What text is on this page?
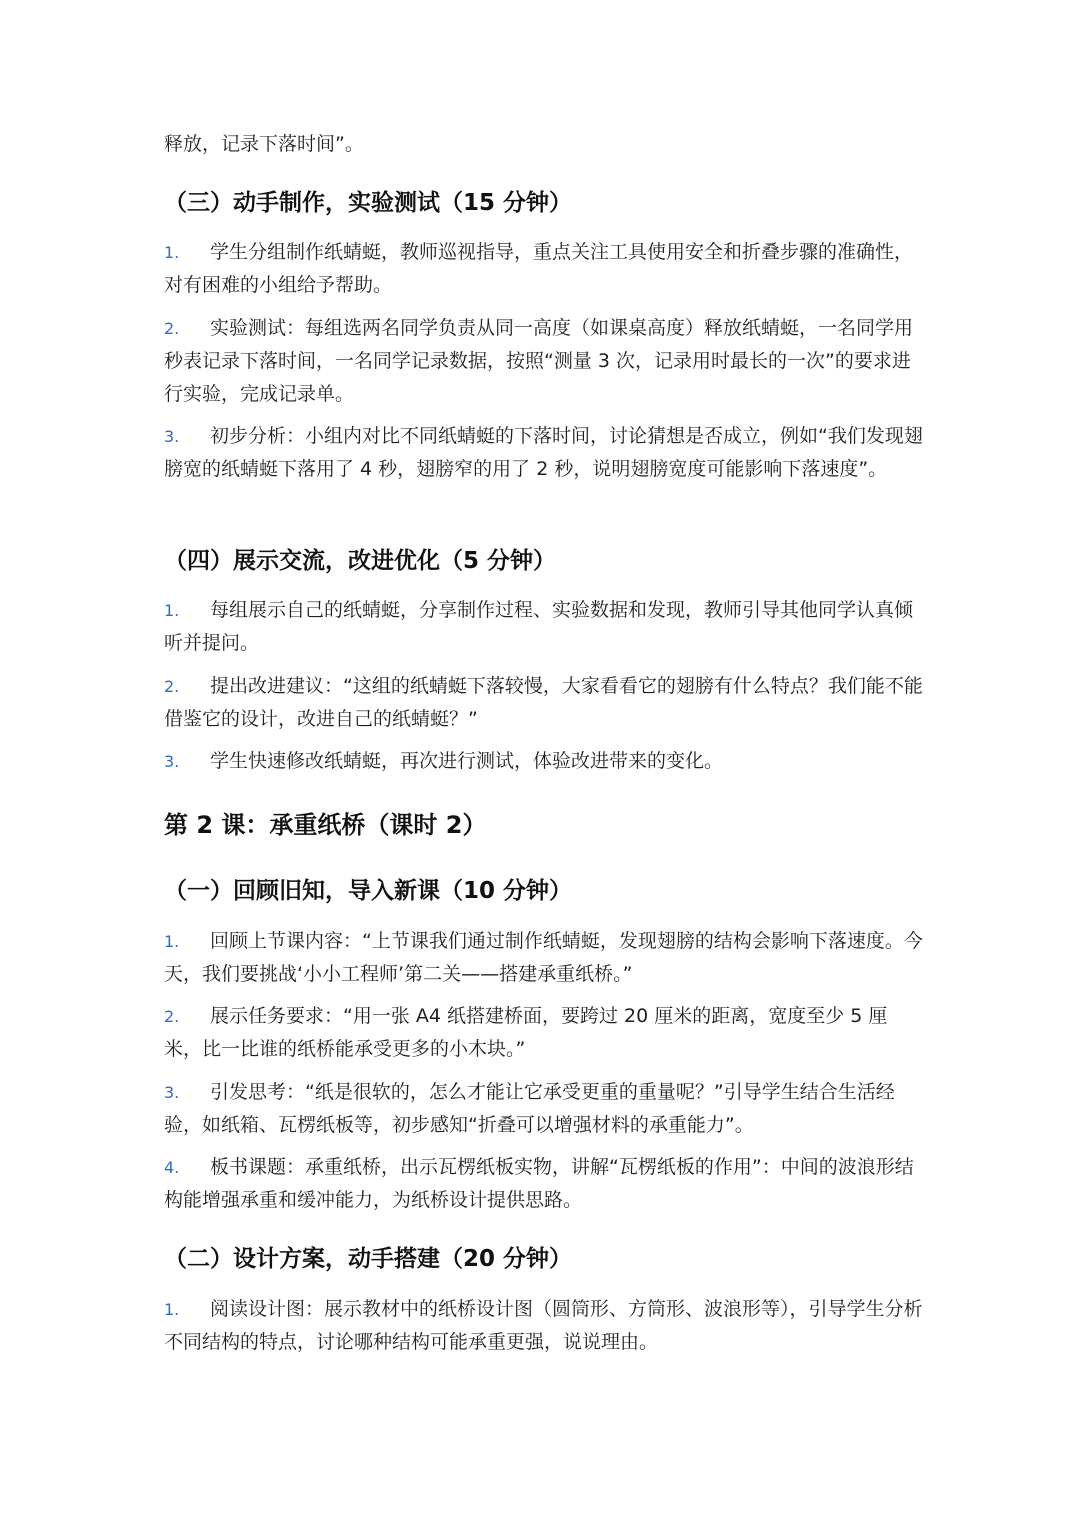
释放，记录下落时间”。

（三）动手制作，实验测试（15 分钟）

1. 学生分组制作纸蜻蜓，教师巡视指导，重点关注工具使用安全和折叠步骤的准确性，对有困难的小组给予帮助。

2. 实验测试：每组选两名同学负责从同一高度（如课桌高度）释放纸蜻蜓，一名同学用秒表记录下落时间，一名同学记录数据，按照“测量 3 次，记录用时最长的一次”的要求进行实验，完成记录单。

3. 初步分析：小组内对比不同纸蜻蜓的下落时间，讨论猜想是否成立，例如“我们发现翅膀宽的纸蜻蜓下落用了 4 秒，翅膀窄的用了 2 秒，说明翅膀宽度可能影响下落速度”。

（四）展示交流，改进优化（5 分钟）

1. 每组展示自己的纸蜻蜓，分享制作过程、实验数据和发现，教师引导其他同学认真倾听并提问。

2. 提出改进建议：“这组的纸蜻蜓下落较慢，大家看看它的翅膀有什么特点？我们能不能借鉴它的设计，改进自己的纸蜻蜓？”

3. 学生快速修改纸蜻蜓，再次进行测试，体验改进带来的变化。

第 2 课：承重纸桥（课时 2）
（一）回顾旧知，导入新课（10 分钟）

1. 回顾上节课内容：“上节课我们通过制作纸蜻蜓，发现翅膀的结构会影响下落速度。今天，我们要挑战‘小小工程师’第二关——搭建承重纸桥。”

2. 展示任务要求：“用一张 A4 纸搭建桥面，要跨过 20 厘米的距离，宽度至少 5 厘米，比一比谁的纸桥能承受更多的小木块。”

3. 引发思考：“纸是很软的，怎么才能让它承受更重的重量呢？”引导学生结合生活经验，如纸箱、瓦楞纸板等，初步感知“折叠可以增强材料的承重能力”。

4. 板书课题：承重纸桥，出示瓦楞纸板实物，讲解“瓦楞纸板的作用”：中间的波浪形结构能增强承重和缓冲能力，为纸桥设计提供思路。

（二）设计方案，动手搭建（20 分钟）

1. 阅读设计图：展示教材中的纸桥设计图（圆筒形、方筒形、波浪形等），引导学生分析不同结构的特点，讨论哪种结构可能承重更强，说说理由。
